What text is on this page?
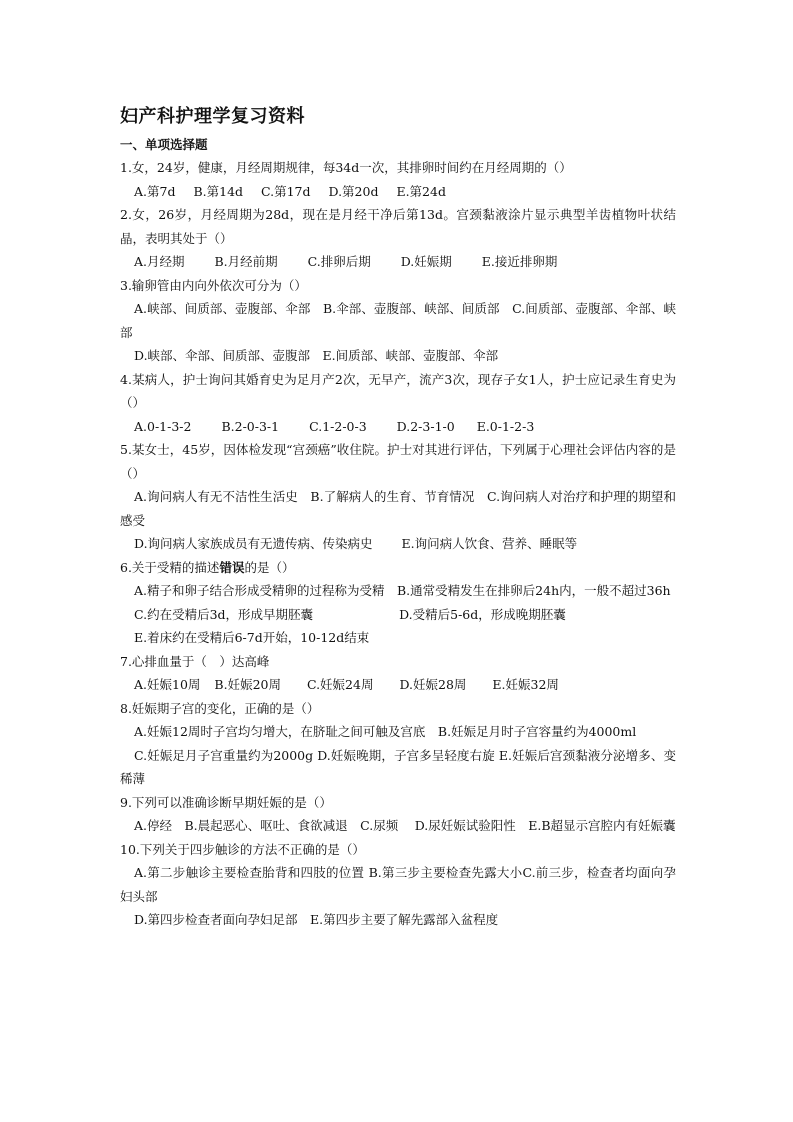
妇产科护理学复习资料
一、单项选择题

1.女，24岁，健康，月经周期规律，每34d一次，其排卵时间约在月经周期的（）

A.第7d B.第14d C.第17d D.第20d E.第24d

2.女，26岁，月经周期为28d，现在是月经干净后第13d。宫颈黏液涂片显示典型羊齿植物叶状结晶，表明其处于（）

A.月经期 B.月经前期 C.排卵后期 D.妊娠期 E.接近排卵期

3.输卵管由内向外依次可分为（）

A.峡部、间质部、壶腹部、伞部　B.伞部、壶腹部、峡部、间质部　C.间质部、壶腹部、伞部、峡部

D.峡部、伞部、间质部、壶腹部　E.间质部、峡部、壶腹部、伞部

4.某病人，护士询问其婚育史为足月产2次，无早产，流产3次，现存子女1人，护士应记录生育史为（）

A.0-1-3-2 B.2-0-3-1 C.1-2-0-3 D.2-3-1-0 E.0-1-2-3

5.某女士，45岁，因体检发现“宫颈癌”收住院。护士对其进行评估，下列属于心理社会评估内容的是（）

A.询问病人有无不洁性生活史　B.了解病人的生育、节育情况　C.询问病人对治疗和护理的期望和感受

D.询问病人家族成员有无遗传病、传染病史　　 E.询问病人饮食、营养、睡眠等

6.关于受精的描述错误的是（）

A.精子和卵子结合形成受精卵的过程称为受精　B.通常受精发生在排卵后24h内，一般不超过36h

C.约在受精后3d，形成早期胚囊	D.受精后5-6d，形成晚期胚囊

E.着床约在受精后6-7d开始，10-12d结束

7.心排血量于（　）达高峰

A.妊娠10周 B.妊娠20周 C.妊娠24周 D.妊娠28周 E.妊娠32周

8.妊娠期子宫的变化，正确的是（）

A.妊娠12周时子宫均匀增大，在脐耻之间可触及宫底　B.妊娠足月时子宫容量约为4000ml

C.妊娠足月子宫重量约为2000g D.妊娠晚期，子宫多呈轻度右旋 E.妊娠后宫颈黏液分泌增多、变稀薄

9.下列可以准确诊断早期妊娠的是（）

A.停经　B.晨起恶心、呕吐、食欲减退　C.尿频　 D.尿妊娠试验阳性　E.B超显示宫腔内有妊娠囊

10.下列关于四步触诊的方法不正确的是（）

A.第二步触诊主要检查胎背和四肢的位置 B.第三步主要检查先露大小C.前三步，检查者均面向孕妇头部

D.第四步检查者面向孕妇足部　E.第四步主要了解先露部入盆程度
